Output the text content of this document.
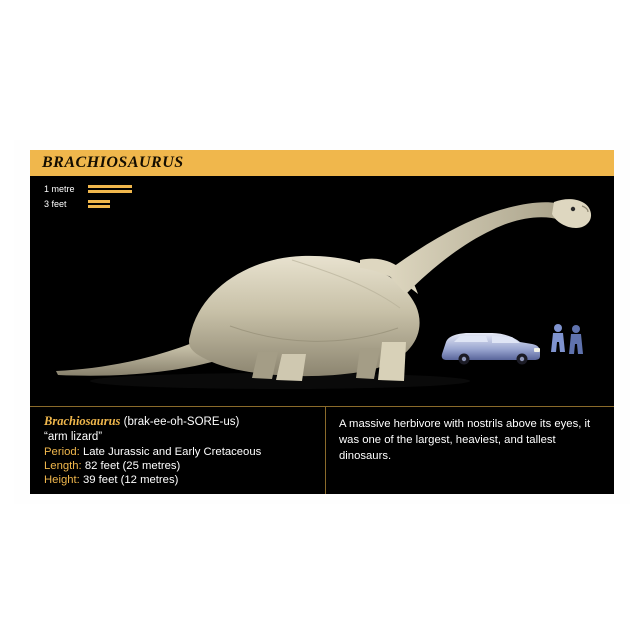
BRACHIOSAURUS
1 metre
3 feet
Brachiosaurus (brak-ee-oh-SORE-us)
“arm lizard”
Period: Late Jurassic and Early Cretaceous
Length: 82 feet (25 metres)
Height: 39 feet (12 metres)
A massive herbivore with nostrils above its eyes, it was one of the largest, heaviest, and tallest dinosaurs.
